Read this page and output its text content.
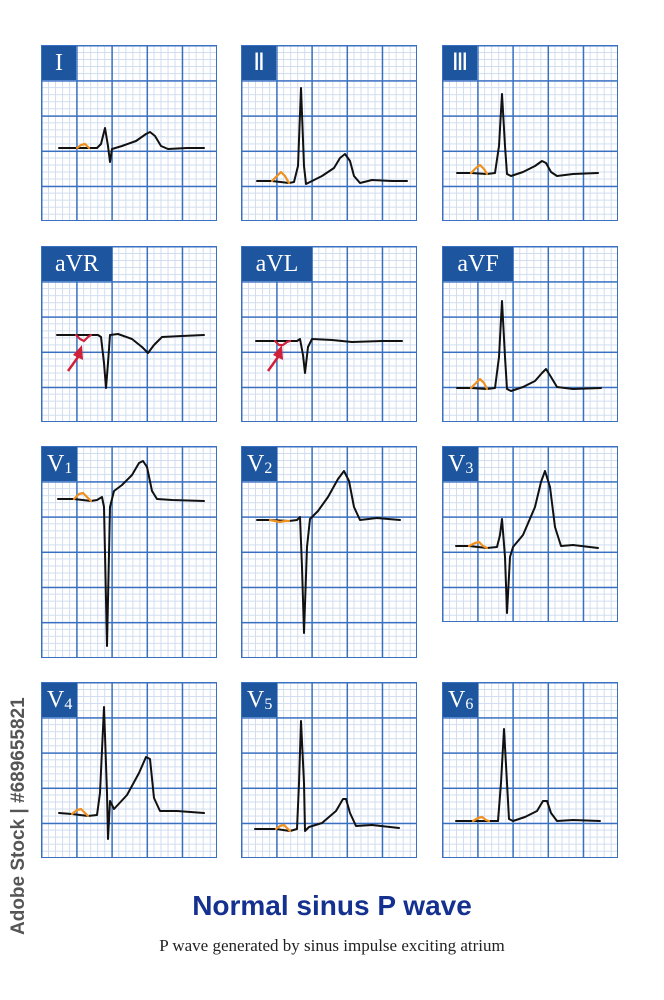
I	Ⅱ	Ⅲ
aVR	aVL	aVF
$V_1$	$V_2$	$V_3$
$V_4$	$V_5$	$V_6$
Normal sinus P wave
P wave generated by sinus impulse exciting atrium
Adobe Stock | #689655821
